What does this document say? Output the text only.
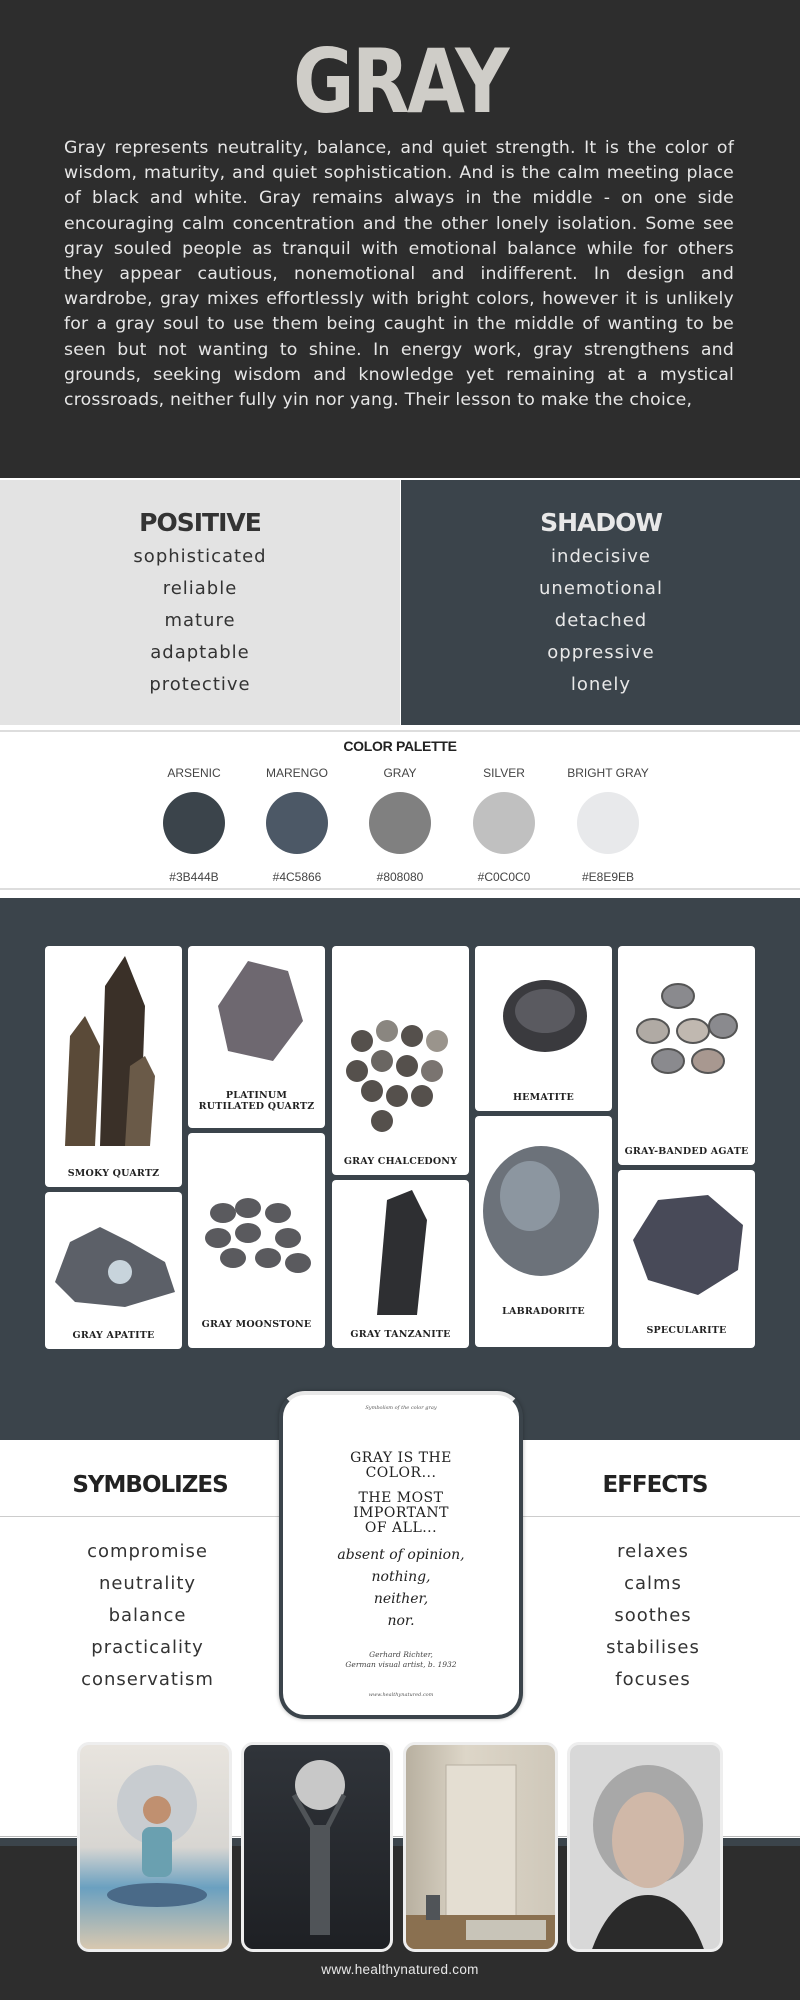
GRAY
Gray represents neutrality, balance, and quiet strength. It is the color of wisdom, maturity, and quiet sophistication. And is the calm meeting place of black and white. Gray remains always in the middle - on one side encouraging calm concentration and the other lonely isolation. Some see gray souled people as tranquil with emotional balance while for others they appear cautious, nonemotional and indifferent. In design and wardrobe, gray mixes effortlessly with bright colors, however it is unlikely for a gray soul to use them being caught in the middle of wanting to be seen but not wanting to shine. In energy work, gray strengthens and grounds, seeking wisdom and knowledge yet remaining at a mystical crossroads, neither fully yin nor yang. Their lesson to make the choice,
POSITIVE
sophisticated
reliable
mature
adaptable
protective
SHADOW
indecisive
unemotional
detached
oppressive
lonely
COLOR PALETTE
ARSENIC
#3B444B
MARENGO
#4C5866
GRAY
#808080
SILVER
#C0C0C0
BRIGHT GRAY
#E8E9EB
SMOKY QUARTZ
GRAY APATITE
PLATINUM RUTILATED QUARTZ
GRAY MOONSTONE
GRAY CHALCEDONY
GRAY TANZANITE
HEMATITE
LABRADORITE
GRAY-BANDED AGATE
SPECULARITE
SYMBOLIZES	EFFECTS
compromise
neutrality
balance
practicality
conservatism
relaxes
calms
soothes
stabilises
focuses
Symbolism of the color gray
GRAY IS THE COLOR...
THE MOST IMPORTANT OF ALL...
absent of opinion,
nothing,
neither,
nor.
Gerhard Richter,
German visual artist, b. 1932
www.healthynatured.com
www.healthynatured.com
